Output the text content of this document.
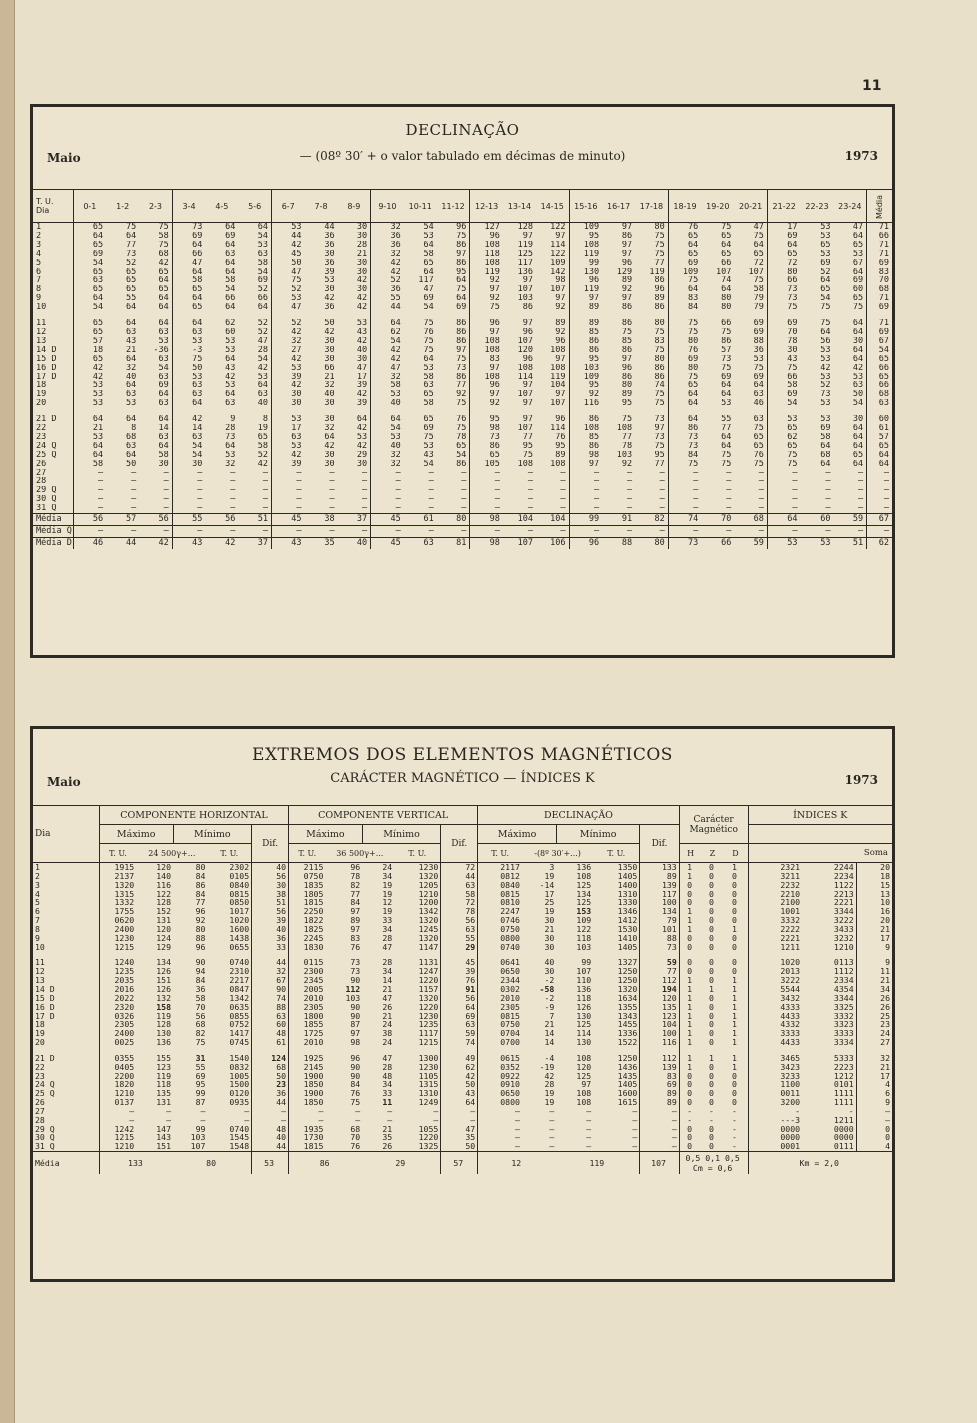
11
DECLINAÇÃO
— (08º 30′ + o valor tabulado em décimas de minuto)
Maio	1973
T. U.
Dia	0-1	1-2	2-3	3-4	4-5	5-6	6-7	7-8	8-9	9-10	10-11	11-12	12-13	13-14	14-15	15-16	16-17	17-18	18-19	19-20	20-21	21-22	22-23	23-24	Média
1	65	75	75	73	64	64	53	44	30	32	54	96	127	128	122	109	97	80	76	75	47	17	53	47	71
2	64	64	58	69	69	54	44	36	30	36	53	75	96	97	97	95	86	75	65	65	75	69	53	64	66
3	65	77	75	64	64	53	42	36	28	36	64	86	108	119	114	108	97	75	64	64	64	64	65	65	71
4	69	73	68	66	63	63	45	30	21	32	58	97	118	125	122	119	97	75	65	65	65	65	53	53	71
5	54	52	42	47	64	58	50	36	30	42	65	86	108	117	109	99	96	77	69	66	72	72	69	67	69
6	65	65	65	64	64	54	47	39	30	42	64	95	119	136	142	130	129	119	109	107	107	80	52	64	83
7	63	65	64	58	58	69	75	53	42	52	117	64	92	97	98	96	89	86	75	74	75	66	64	69	70
8	65	65	65	65	54	52	52	30	30	36	47	75	97	107	107	119	92	96	64	64	58	73	65	60	68
9	64	55	64	64	66	66	53	42	42	55	69	64	92	103	97	97	97	89	83	80	79	73	54	65	71
10	54	64	64	65	64	64	47	36	42	44	54	69	75	86	92	89	86	86	84	80	79	75	75	75	69

11	65	64	64	64	62	52	52	50	53	64	75	86	96	97	89	89	86	80	75	66	69	69	75	64	71
12	65	63	63	63	60	52	42	42	43	62	76	86	97	96	92	85	75	75	75	75	69	70	64	64	69
13	57	43	53	53	53	47	32	30	42	54	75	86	108	107	96	86	85	83	80	86	88	78	56	30	67
14 D	18	21	-36	-3	53	28	27	30	40	42	75	97	108	120	108	86	86	75	76	57	36	30	53	64	54
15 D	65	64	63	75	64	54	42	30	30	42	64	75	83	96	97	95	97	80	69	73	53	43	53	64	65
16 D	42	32	54	50	43	42	53	66	47	47	53	73	97	108	108	103	96	86	80	75	75	75	42	42	66
17 D	42	40	63	53	42	53	39	21	17	32	58	86	108	114	119	109	86	86	75	69	69	66	53	53	65
18	53	64	69	63	53	64	42	32	39	58	63	77	96	97	104	95	80	74	65	64	64	58	52	63	66
19	53	63	64	63	64	63	30	40	42	53	65	92	97	107	97	92	89	75	64	64	63	69	73	50	68
20	53	53	63	64	63	40	30	30	39	40	58	75	92	97	107	116	95	75	64	53	46	54	53	54	63

21 D	64	64	64	42	9	8	53	30	64	64	65	76	95	97	96	86	75	73	64	55	63	53	53	30	60
22	21	8	14	14	28	19	17	32	42	54	69	75	98	107	114	108	108	97	86	77	75	65	69	64	61
23	53	68	63	63	73	65	63	64	53	53	75	78	73	77	76	85	77	73	73	64	65	62	58	64	57
24 Q	64	63	64	54	64	58	53	42	42	40	53	65	86	95	95	86	78	75	73	64	65	65	64	64	65
25 Q	64	64	58	54	53	52	42	30	29	32	43	54	65	75	89	98	103	95	84	75	76	75	68	65	64
26	58	50	30	30	32	42	39	30	30	32	54	86	105	108	108	97	92	77	75	75	75	75	64	64	64
27	—	—	—	—	—	—	—	—	—	—	—	—	—	—	—	—	—	—	—	—	—	—	—	—	—
28	—	—	—	—	—	—	—	—	—	—	—	—	—	—	—	—	—	—	—	—	—	—	—	—	—
29 Q	—	—	—	—	—	—	—	—	—	—	—	—	—	—	—	—	—	—	—	—	—	—	—	—	—
30 Q	—	—	—	—	—	—	—	—	—	—	—	—	—	—	—	—	—	—	—	—	—	—	—	—	—
31 Q	—	—	—	—	—	—	—	—	—	—	—	—	—	—	—	—	—	—	—	—	—	—	—	—	—
Média	56	57	56	55	56	51	45	38	37	45	61	80	98	104	104	99	91	82	74	70	68	64	60	59	67
Média Q	—	—	—	—	—	—	—	—	—	—	—	—	—	—	—	—	—	—	—	—	—	—	—	—	—
Média D	46	44	42	43	42	37	43	35	40	45	63	81	98	107	106	96	88	80	73	66	59	53	53	51	62
EXTREMOS DOS ELEMENTOS MAGNÉTICOS
CARÁCTER MAGNÉTICO — ÍNDICES K
Maio	1973
Dia	COMPONENTE HORIZONTAL					COMPONENTE VERTICAL					DECLINAÇÃO					Carácter Magnético			ÍNDICES K		
	Máximo		Mínimo		Dif.	Máximo		Mínimo		Dif.	Máximo		Mínimo		Dif.						
	T. U.	24 500γ+...		T. U.		T. U.	36 500γ+...		T. U.		T. U.	-(8º 30′+...)		T. U.		H	Z	D	Soma		
1	1915	120	80	2302	40	2115	96	24	1230	72	2117	3	136	1350	133	1	0	1	2321	2244	20
2	2137	140	84	0105	56	0750	78	34	1320	44	0812	19	108	1405	89	1	0	0	3211	2234	18
3	1320	116	86	0840	30	1835	82	19	1205	63	0840	-14	125	1400	139	0	0	0	2232	1122	15
4	1315	122	84	0815	38	1805	77	19	1210	58	0815	17	134	1310	117	0	0	0	2210	2213	13
5	1332	128	77	0850	51	1815	84	12	1200	72	0810	25	125	1330	100	0	0	0	2100	2221	10
6	1755	152	96	1017	56	2250	97	19	1342	78	2247	19	153	1346	134	1	0	0	1001	3344	16
7	0620	131	92	1020	39	1822	89	33	1320	56	0746	30	109	1412	79	1	0	0	3332	3222	20
8	2400	120	80	1600	40	1825	97	34	1245	63	0750	21	122	1530	101	1	0	1	2222	3433	21
9	1230	124	88	1438	36	2245	83	28	1320	55	0800	30	118	1410	88	0	0	0	2221	3232	17
10	1215	129	96	0655	33	1830	76	47	1147	29	0740	30	103	1405	73	0	0	0	1211	1210	9

11	1240	134	90	0740	44	0115	73	28	1131	45	0641	40	99	1327	59	0	0	0	1020	0113	9
12	1235	126	94	2310	32	2300	73	34	1247	39	0650	30	107	1250	77	0	0	0	2013	1112	11
13	2035	151	84	2217	67	2345	90	14	1220	76	2344	-2	110	1250	112	1	0	1	3222	2334	21
14 D	2016	126	36	0847	90	2005	112	21	1157	91	0302	-58	136	1320	194	1	1	1	5544	4354	34
15 D	2022	132	58	1342	74	2010	103	47	1320	56	2010	-2	118	1634	120	1	0	1	3432	3344	26
16 D	2320	158	70	0635	88	2305	90	26	1220	64	2305	-9	126	1355	135	1	0	1	4333	3325	26
17 D	0326	119	56	0855	63	1800	90	21	1230	69	0815	7	130	1343	123	1	0	1	4433	3332	25
18	2305	128	68	0752	60	1855	87	24	1235	63	0750	21	125	1455	104	1	0	1	4332	3323	23
19	2400	130	82	1417	48	1725	97	38	1117	59	0704	14	114	1336	100	1	0	1	3333	3333	24
20	0025	136	75	0745	61	2010	98	24	1215	74	0700	14	130	1522	116	1	0	1	4433	3334	27

21 D	0355	155	31	1540	124	1925	96	47	1300	49	0615	-4	108	1250	112	1	1	1	3465	5333	32
22	0405	123	55	0832	68	2145	90	28	1230	62	0352	-19	120	1436	139	1	0	1	3423	2223	21
23	2200	119	69	1005	50	1900	90	48	1105	42	0922	42	125	1435	83	0	0	0	3233	1212	17
24 Q	1820	118	95	1500	23	1850	84	34	1315	50	0910	28	97	1405	69	0	0	0	1100	0101	4
25 Q	1210	135	99	0120	36	1900	76	33	1310	43	0650	19	108	1600	89	0	0	0	0011	1111	6
26	0137	131	87	0935	44	1850	75	11	1249	64	0800	19	108	1615	89	0	0	0	3200	1111	9
27	—	—	—	—	—	—	—	—	—	—	—	—	—	—	—	-	-	-	-	-	—
28	—	—	—	—	—	—	—	—	—	—	—	—	—	—	—	-	-	-	---3	1211	—
29 Q	1242	147	99	0740	48	1935	68	21	1055	47	—	—	—	—	—	0	0	-	0000	0000	0
30 Q	1215	143	103	1545	40	1730	70	35	1220	35	—	—	—	—	—	0	0	-	0000	0000	0
31 Q	1210	151	107	1548	44	1815	76	26	1325	50	—	—	—	—	—	0	0	-	0001	0111	4
Média	133		80		53	86		29		57	12		119		107	0,5 0,1 0,5
Cm = 0,6			Km = 2,0		
